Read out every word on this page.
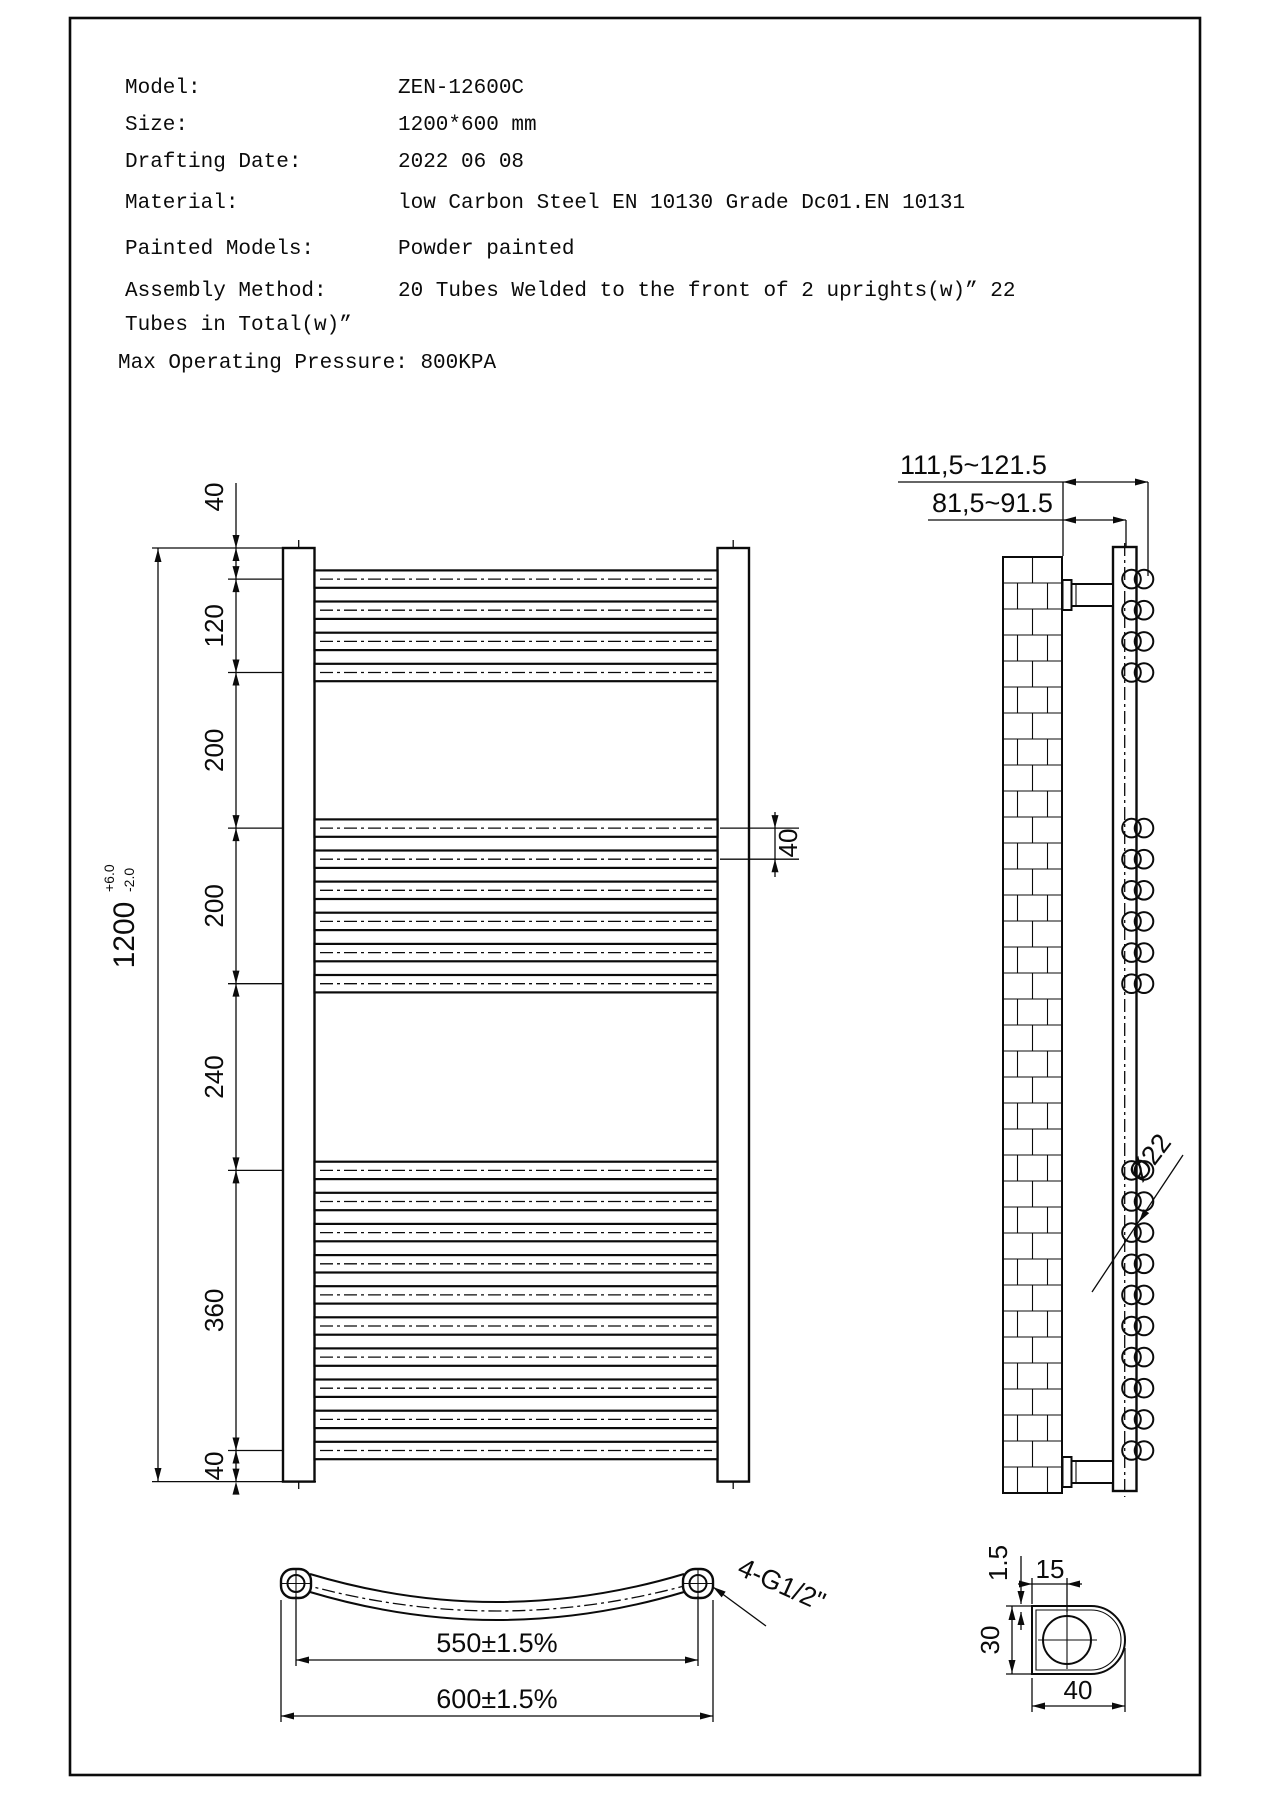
Model:	ZEN-12600C
Size:	1200*600 mm
Drafting Date:	2022 06 08
Material:	low Carbon Steel EN 10130 Grade Dc01.EN 10131
Painted Models:	Powder painted
Assembly Method:	20 Tubes Welded to the front of 2 uprights(w)” 22
Tubes in Total(w)”
Max Operating Pressure: 800KPA
40
120
200
200
240
360
40
1200
+6.0 -2.0
40
111,5~121.5
81,5~91.5
Ø22
550±1.5%
600±1.5%
4-G1/2"
40
30
15
1.5
